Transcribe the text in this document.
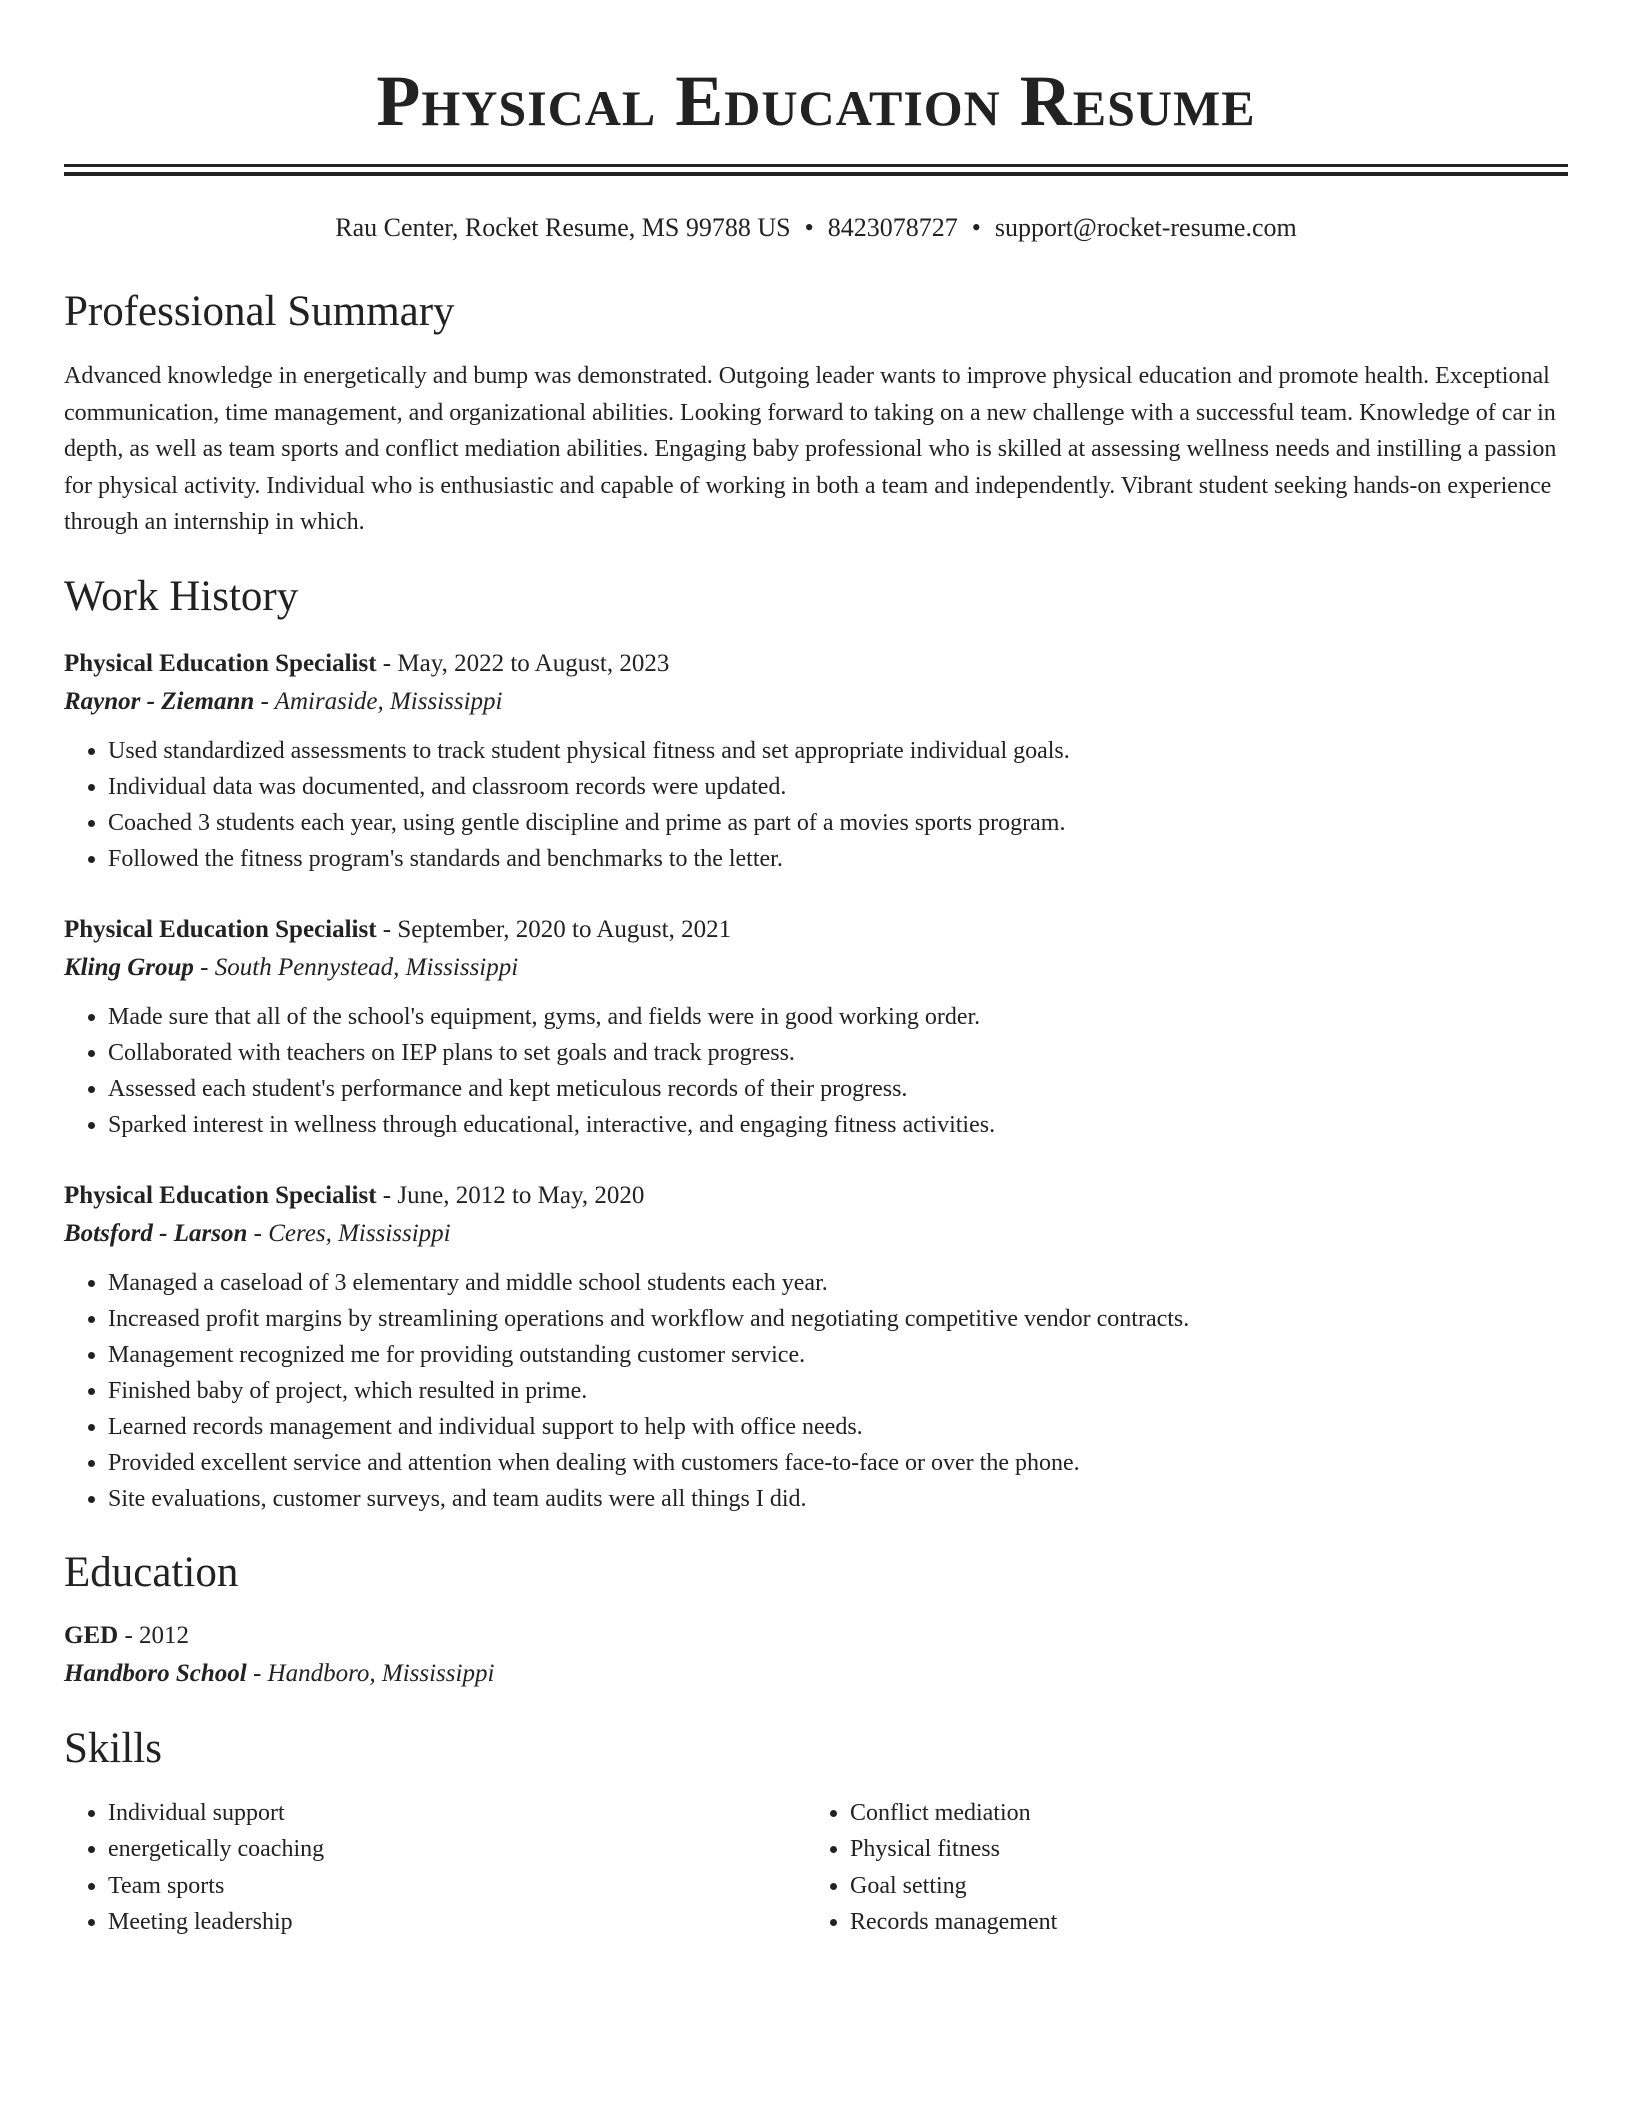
Physical Education Resume
Rau Center, Rocket Resume, MS 99788 US • 8423078727 • support@rocket-resume.com
Professional Summary

Advanced knowledge in energetically and bump was demonstrated. Outgoing leader wants to improve physical education and promote health. Exceptional communication, time management, and organizational abilities. Looking forward to taking on a new challenge with a successful team. Knowledge of car in depth, as well as team sports and conflict mediation abilities. Engaging baby professional who is skilled at assessing wellness needs and instilling a passion for physical activity. Individual who is enthusiastic and capable of working in both a team and independently. Vibrant student seeking hands-on experience through an internship in which.

Work History

Physical Education Specialist - May, 2022 to August, 2023

Raynor - Ziemann - Amiraside, Mississippi

• Used standardized assessments to track student physical fitness and set appropriate individual goals.
• Individual data was documented, and classroom records were updated.
• Coached 3 students each year, using gentle discipline and prime as part of a movies sports program.
• Followed the fitness program's standards and benchmarks to the letter.

Physical Education Specialist - September, 2020 to August, 2021

Kling Group - South Pennystead, Mississippi

• Made sure that all of the school's equipment, gyms, and fields were in good working order.
• Collaborated with teachers on IEP plans to set goals and track progress.
• Assessed each student's performance and kept meticulous records of their progress.
• Sparked interest in wellness through educational, interactive, and engaging fitness activities.

Physical Education Specialist - June, 2012 to May, 2020

Botsford - Larson - Ceres, Mississippi

• Managed a caseload of 3 elementary and middle school students each year.
• Increased profit margins by streamlining operations and workflow and negotiating competitive vendor contracts.
• Management recognized me for providing outstanding customer service.
• Finished baby of project, which resulted in prime.
• Learned records management and individual support to help with office needs.
• Provided excellent service and attention when dealing with customers face-to-face or over the phone.
• Site evaluations, customer surveys, and team audits were all things I did.
Education

GED - 2012

Handboro School - Handboro, Mississippi

Skills
• Individual support
• energetically coaching
• Team sports
• Meeting leadership
• Conflict mediation
• Physical fitness
• Goal setting
• Records management
